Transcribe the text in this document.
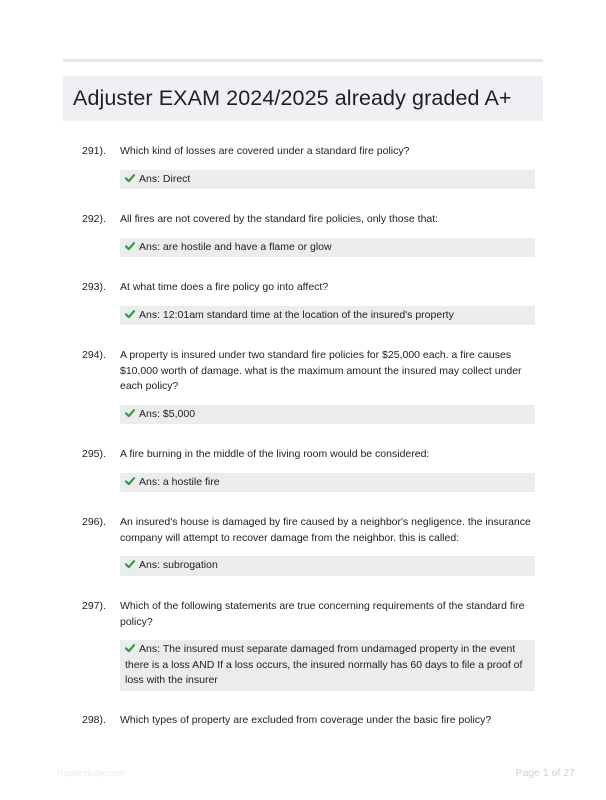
Adjuster EXAM 2024/2025 already graded A+
291).	Which kind of losses are covered under a standard fire policy?
Ans: Direct
292).	All fires are not covered by the standard fire policies, only those that:
Ans: are hostile and have a flame or glow
293).	At what time does a fire policy go into affect?
Ans: 12:01am standard time at the location of the insured's property
294).	A property is insured under two standard fire policies for $25,000 each. a fire causes $10,000 worth of damage. what is the maximum amount the insured may collect under each policy?
Ans: $5,000
295).	A fire burning in the middle of the living room would be considered:
Ans: a hostile fire
296).	An insured's house is damaged by fire caused by a neighbor's negligence. the insurance company will attempt to recover damage from the neighbor. this is called:
Ans: subrogation
297).	Which of the following statements are true concerning requirements of the standard fire policy?
Ans: The insured must separate damaged from undamaged property in the event there is a loss AND If a loss occurs, the insured normally has 60 days to file a proof of loss with the insurer
298).	Which types of property are excluded from coverage under the basic fire policy?
Paperstudy.com	Page 1 of 27
